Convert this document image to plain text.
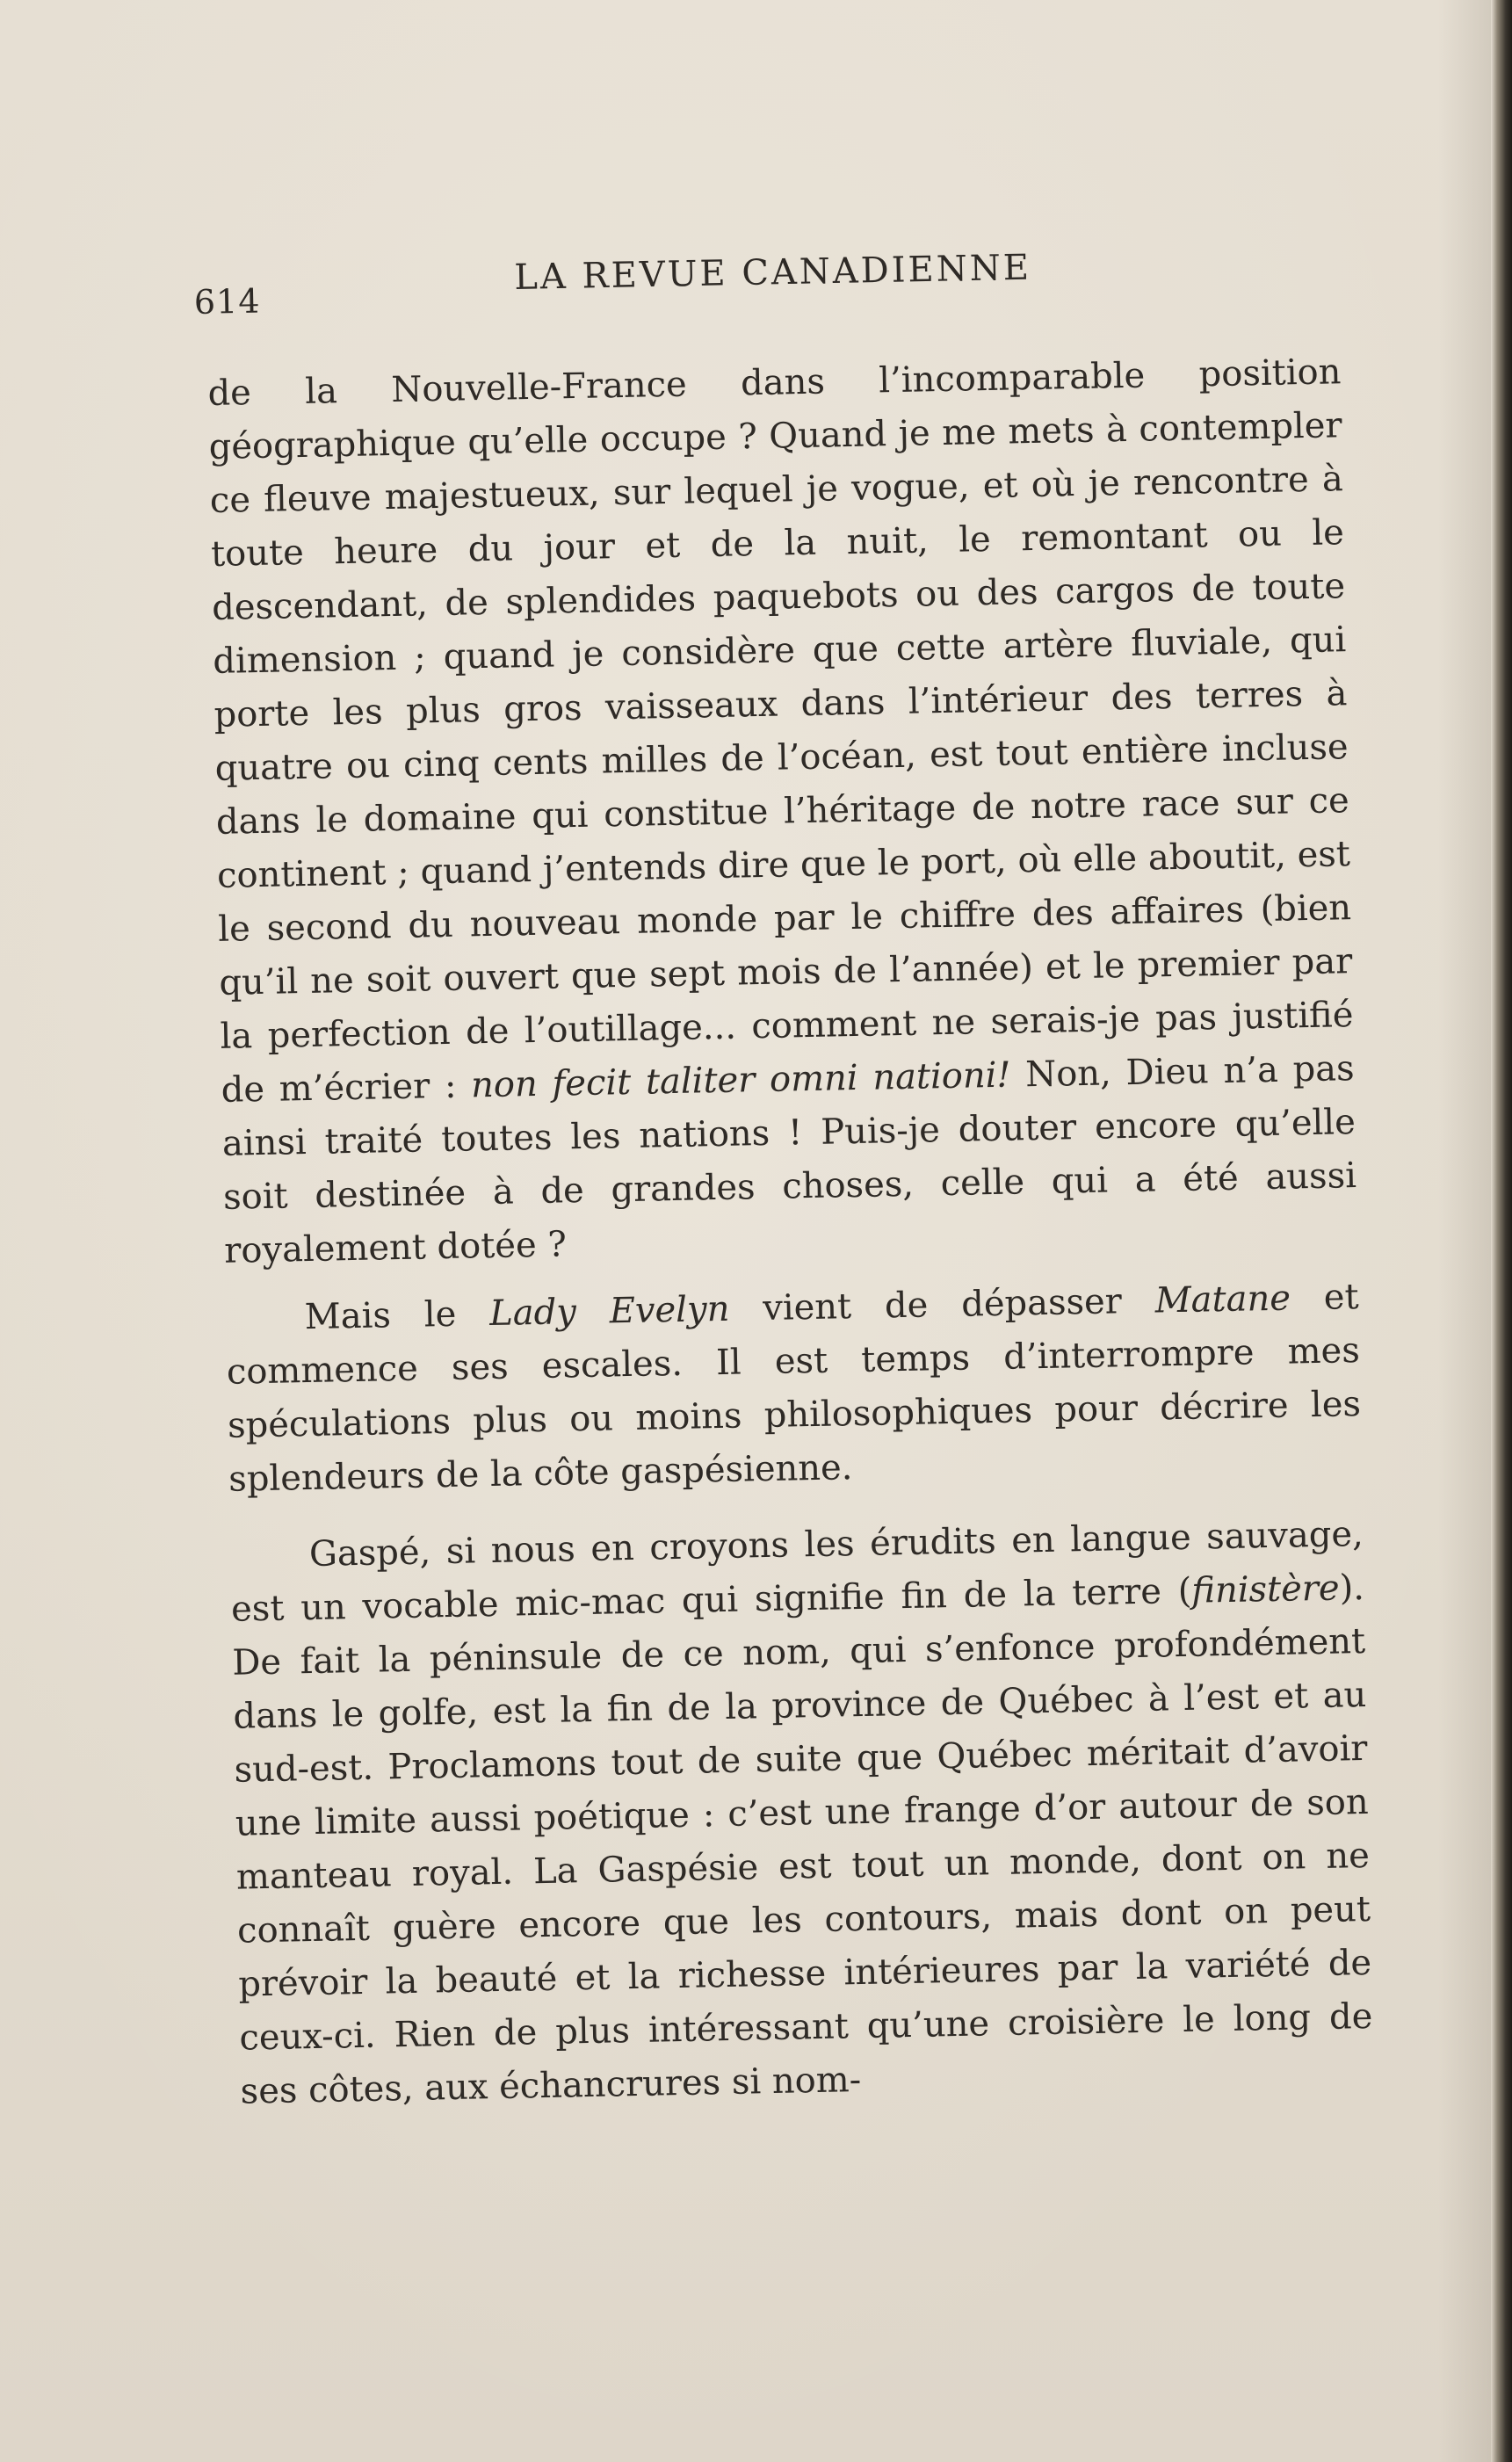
614
LA REVUE CANADIENNE

de la Nouvelle-France dans l’incomparable position géographique qu’elle occupe ? Quand je me mets à contempler ce fleuve majestueux, sur lequel je vogue, et où je rencontre à toute heure du jour et de la nuit, le remontant ou le descendant, de splendides paquebots ou des cargos de toute dimension ; quand je considère que cette artère fluviale, qui porte les plus gros vaisseaux dans l’intérieur des terres à quatre ou cinq cents milles de l’océan, est tout entière incluse dans le domaine qui constitue l’héritage de notre race sur ce continent ; quand j’entends dire que le port, où elle aboutit, est le second du nouveau monde par le chiffre des affaires (bien qu’il ne soit ouvert que sept mois de l’année) et le premier par la perfection de l’outillage... comment ne serais-je pas justifié de m’écrier : non fecit taliter omni nationi! Non, Dieu n’a pas ainsi traité toutes les nations ! Puis-je douter encore qu’elle soit destinée à de grandes choses, celle qui a été aussi royalement dotée ?

Mais le Lady Evelyn vient de dépasser Matane et commence ses escales. Il est temps d’interrompre mes spéculations plus ou moins philosophiques pour décrire les splendeurs de la côte gaspésienne.

Gaspé, si nous en croyons les érudits en langue sauvage, est un vocable mic-mac qui signifie fin de la terre (finistère). De fait la péninsule de ce nom, qui s’enfonce profondément dans le golfe, est la fin de la province de Québec à l’est et au sud-est. Proclamons tout de suite que Québec méritait d’avoir une limite aussi poétique : c’est une frange d’or autour de son manteau royal. La Gaspésie est tout un monde, dont on ne connaît guère encore que les contours, mais dont on peut prévoir la beauté et la richesse intérieures par la variété de ceux-ci. Rien de plus intéressant qu’une croisière le long de ses côtes, aux échancrures si nom-
